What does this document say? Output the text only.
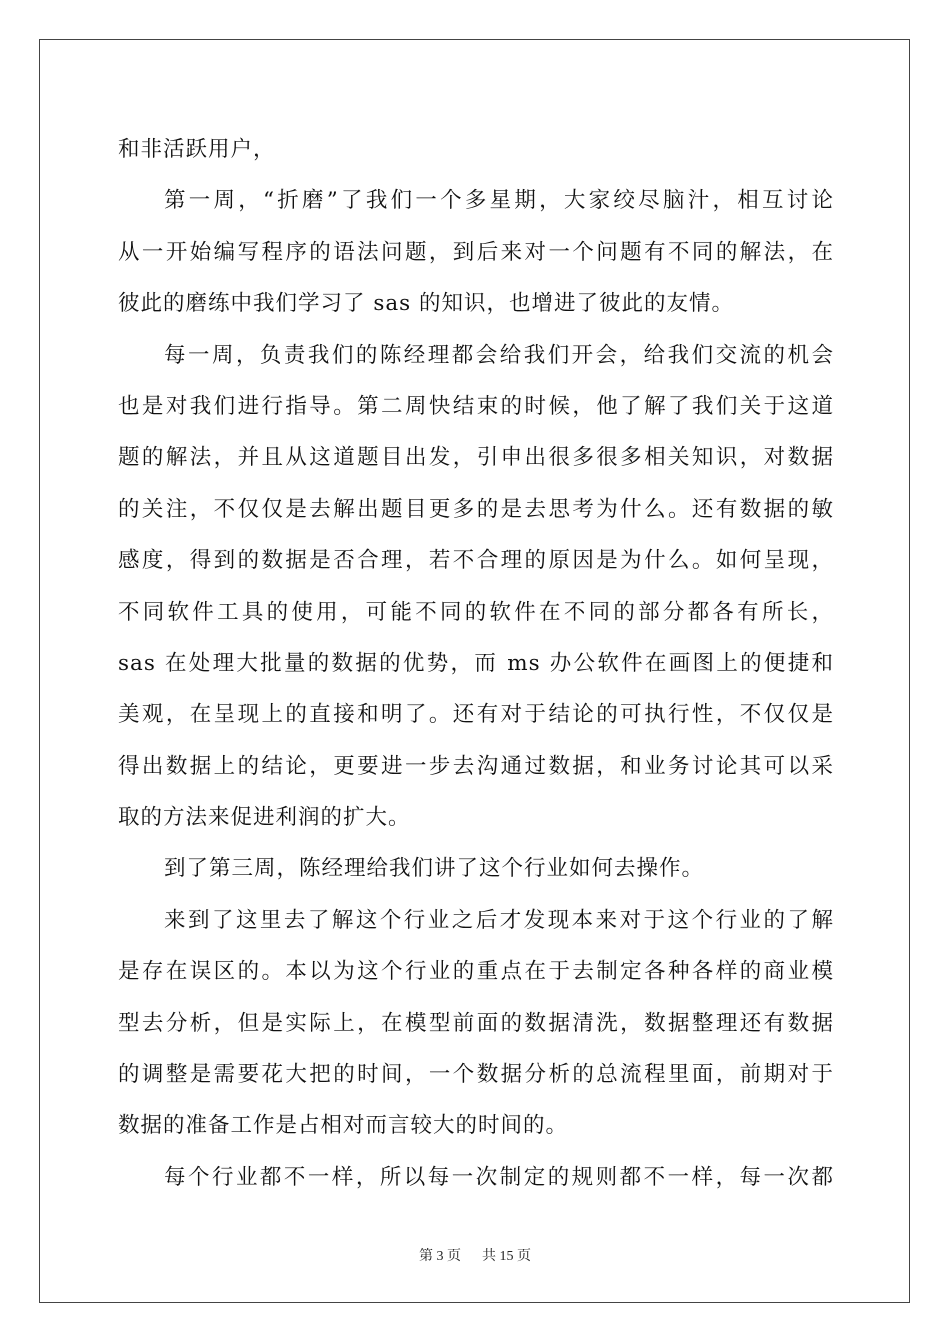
和非活跃用户，
第一周，“折磨”了我们一个多星期，大家绞尽脑汁，相互讨论
从一开始编写程序的语法问题，到后来对一个问题有不同的解法，在
彼此的磨练中我们学习了 sas 的知识，也增进了彼此的友情。
每一周，负责我们的陈经理都会给我们开会，给我们交流的机会
也是对我们进行指导。第二周快结束的时候，他了解了我们关于这道
题的解法，并且从这道题目出发，引申出很多很多相关知识，对数据
的关注，不仅仅是去解出题目更多的是去思考为什么。还有数据的敏
感度，得到的数据是否合理，若不合理的原因是为什么。如何呈现，
不同软件工具的使用，可能不同的软件在不同的部分都各有所长，
sas 在处理大批量的数据的优势，而 ms 办公软件在画图上的便捷和
美观，在呈现上的直接和明了。还有对于结论的可执行性，不仅仅是
得出数据上的结论，更要进一步去沟通过数据，和业务讨论其可以采
取的方法来促进利润的扩大。
到了第三周，陈经理给我们讲了这个行业如何去操作。
来到了这里去了解这个行业之后才发现本来对于这个行业的了解
是存在误区的。本以为这个行业的重点在于去制定各种各样的商业模
型去分析，但是实际上，在模型前面的数据清洗，数据整理还有数据
的调整是需要花大把的时间，一个数据分析的总流程里面，前期对于
数据的准备工作是占相对而言较大的时间的。
每个行业都不一样，所以每一次制定的规则都不一样，每一次都
第 3 页 共 15 页
